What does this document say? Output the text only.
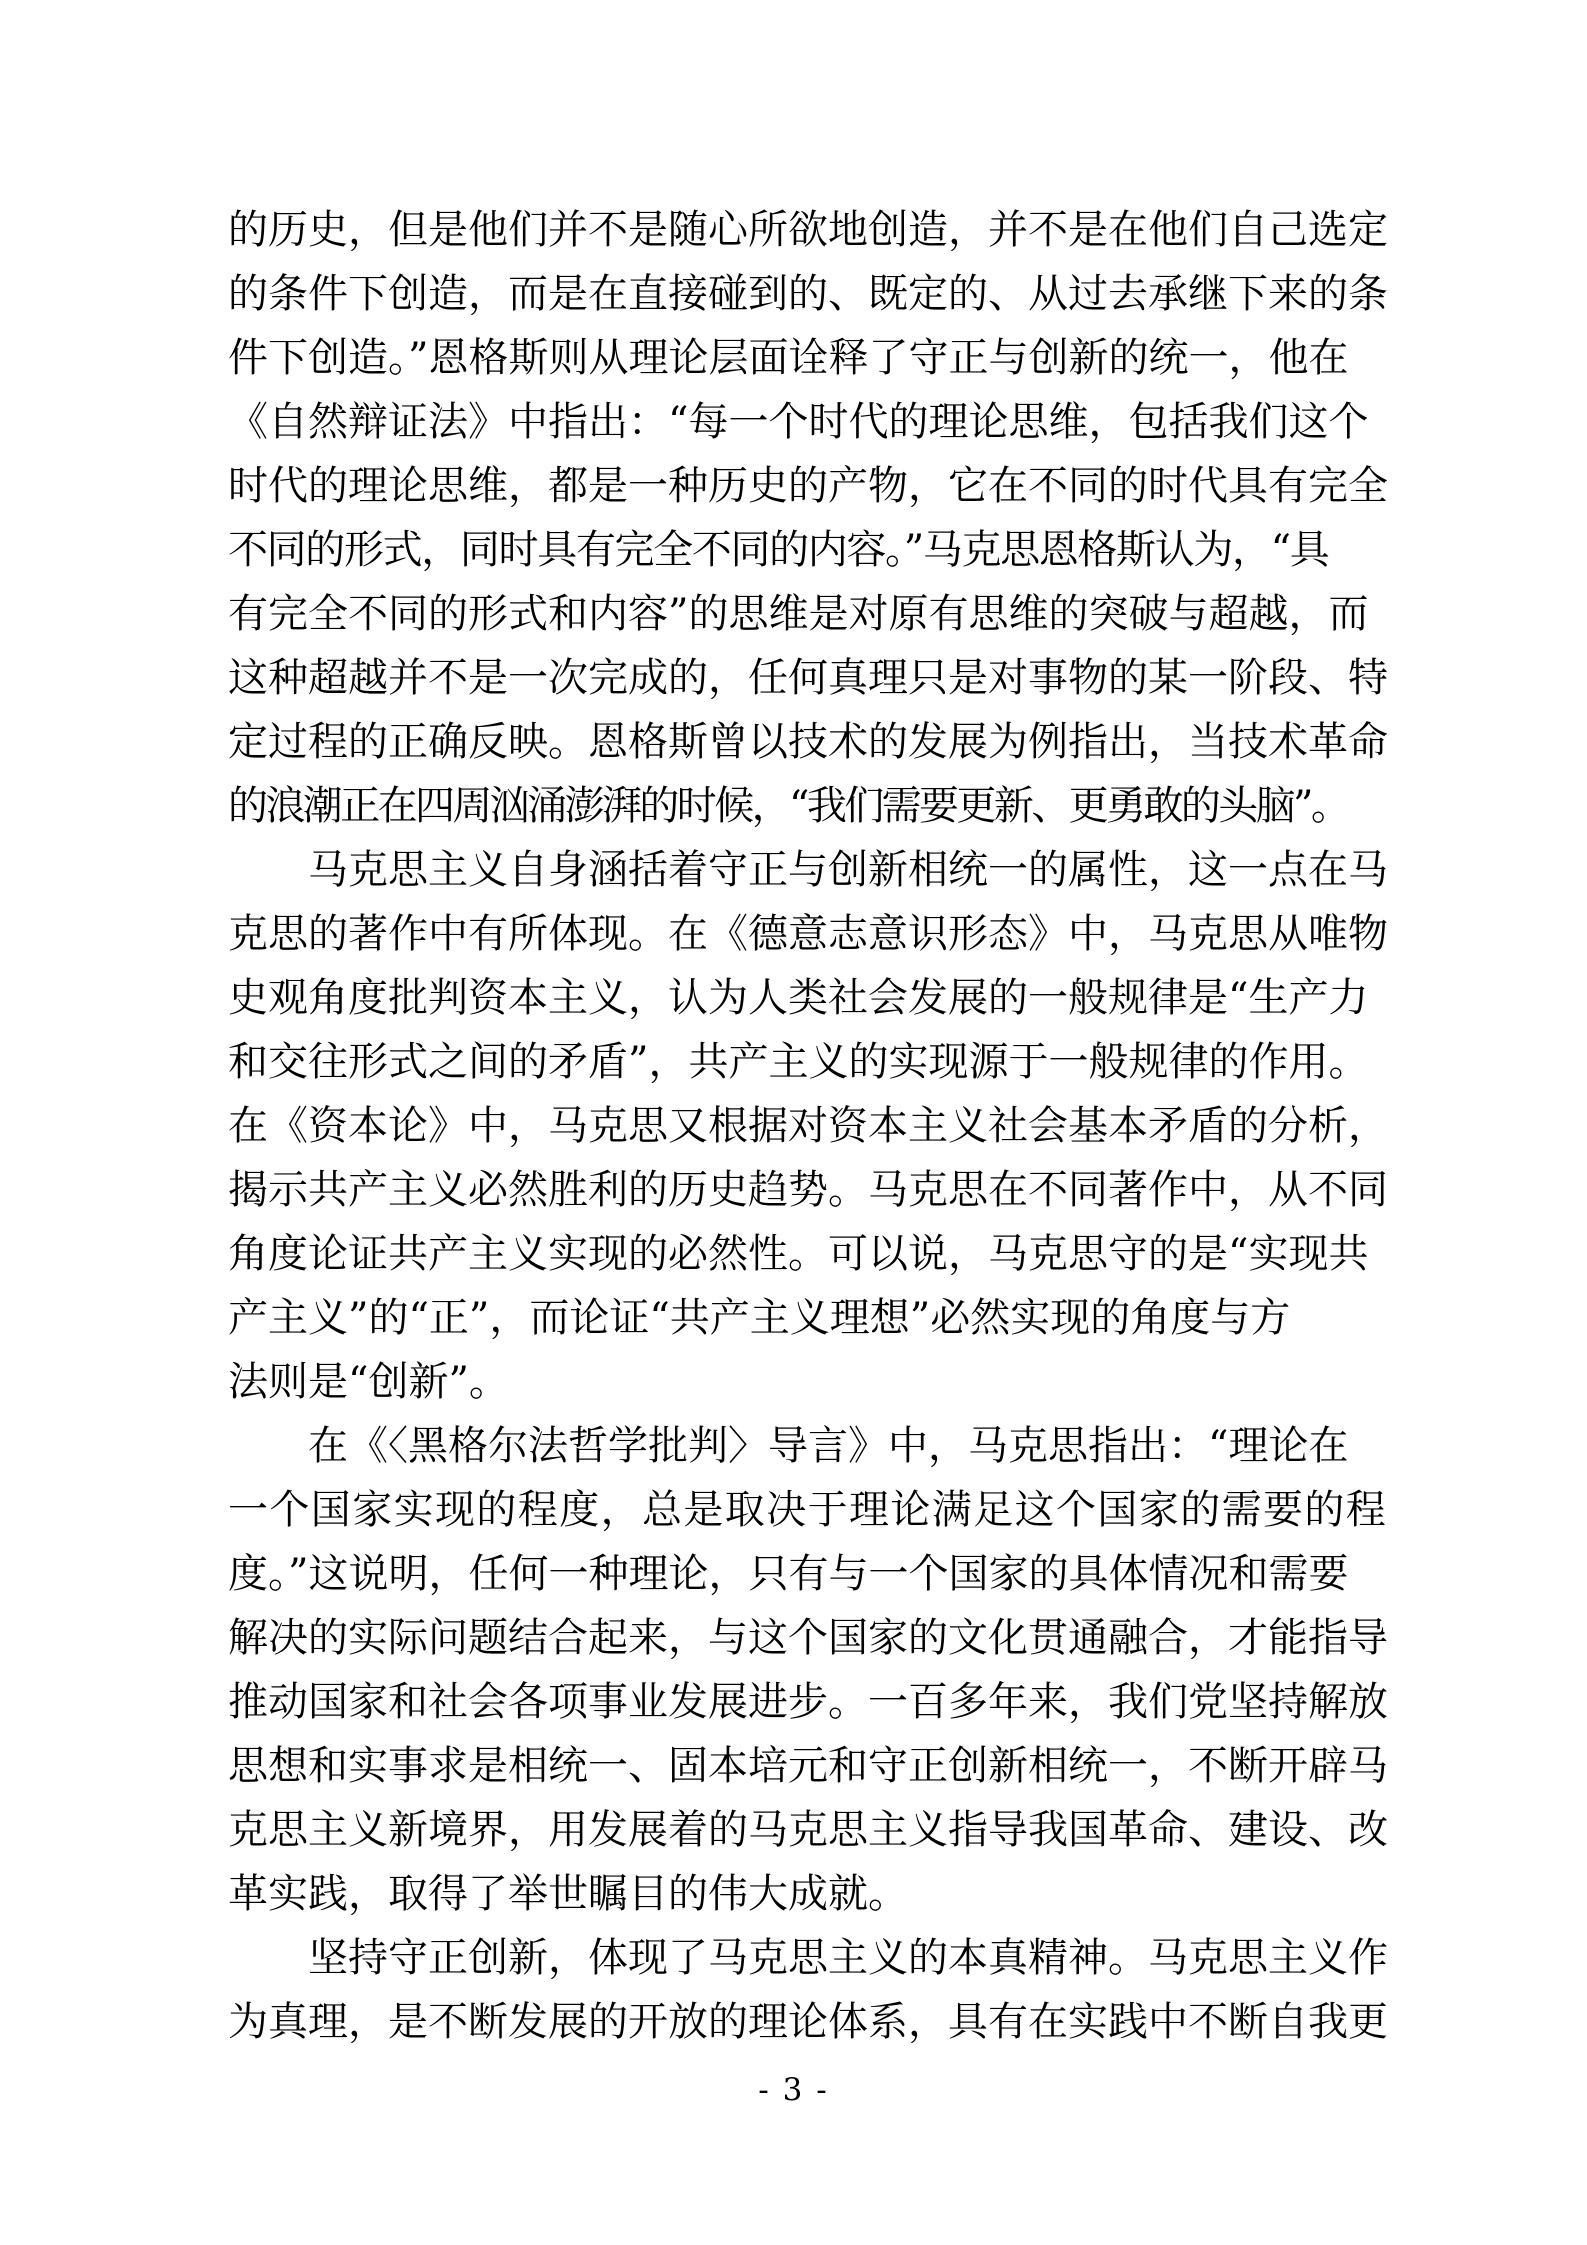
的历史，但是他们并不是随心所欲地创造，并不是在他们自己选定
的条件下创造，而是在直接碰到的、既定的、从过去承继下来的条
件下创造。”恩格斯则从理论层面诠释了守正与创新的统一，他在
《自然辩证法》中指出：“每一个时代的理论思维，包括我们这个
时代的理论思维，都是一种历史的产物，它在不同的时代具有完全
不同的形式，同时具有完全不同的内容。”马克思恩格斯认为，“具
有完全不同的形式和内容”的思维是对原有思维的突破与超越，而
这种超越并不是一次完成的，任何真理只是对事物的某一阶段、特
定过程的正确反映。恩格斯曾以技术的发展为例指出，当技术革命
的浪潮正在四周汹涌澎湃的时候，“我们需要更新、更勇敢的头脑”。
马克思主义自身涵括着守正与创新相统一的属性，这一点在马
克思的著作中有所体现。在《德意志意识形态》中，马克思从唯物
史观角度批判资本主义，认为人类社会发展的一般规律是“生产力
和交往形式之间的矛盾”，共产主义的实现源于一般规律的作用。
在《资本论》中，马克思又根据对资本主义社会基本矛盾的分析，
揭示共产主义必然胜利的历史趋势。马克思在不同著作中，从不同
角度论证共产主义实现的必然性。可以说，马克思守的是“实现共
产主义”的“正”，而论证“共产主义理想”必然实现的角度与方
法则是“创新”。
在《〈黑格尔法哲学批判〉导言》中，马克思指出：“理论在
一个国家实现的程度，总是取决于理论满足这个国家的需要的程
度。”这说明，任何一种理论，只有与一个国家的具体情况和需要
解决的实际问题结合起来，与这个国家的文化贯通融合，才能指导
推动国家和社会各项事业发展进步。一百多年来，我们党坚持解放
思想和实事求是相统一、固本培元和守正创新相统一，不断开辟马
克思主义新境界，用发展着的马克思主义指导我国革命、建设、改
革实践，取得了举世瞩目的伟大成就。
坚持守正创新，体现了马克思主义的本真精神。马克思主义作
为真理，是不断发展的开放的理论体系，具有在实践中不断自我更
- 3 -
